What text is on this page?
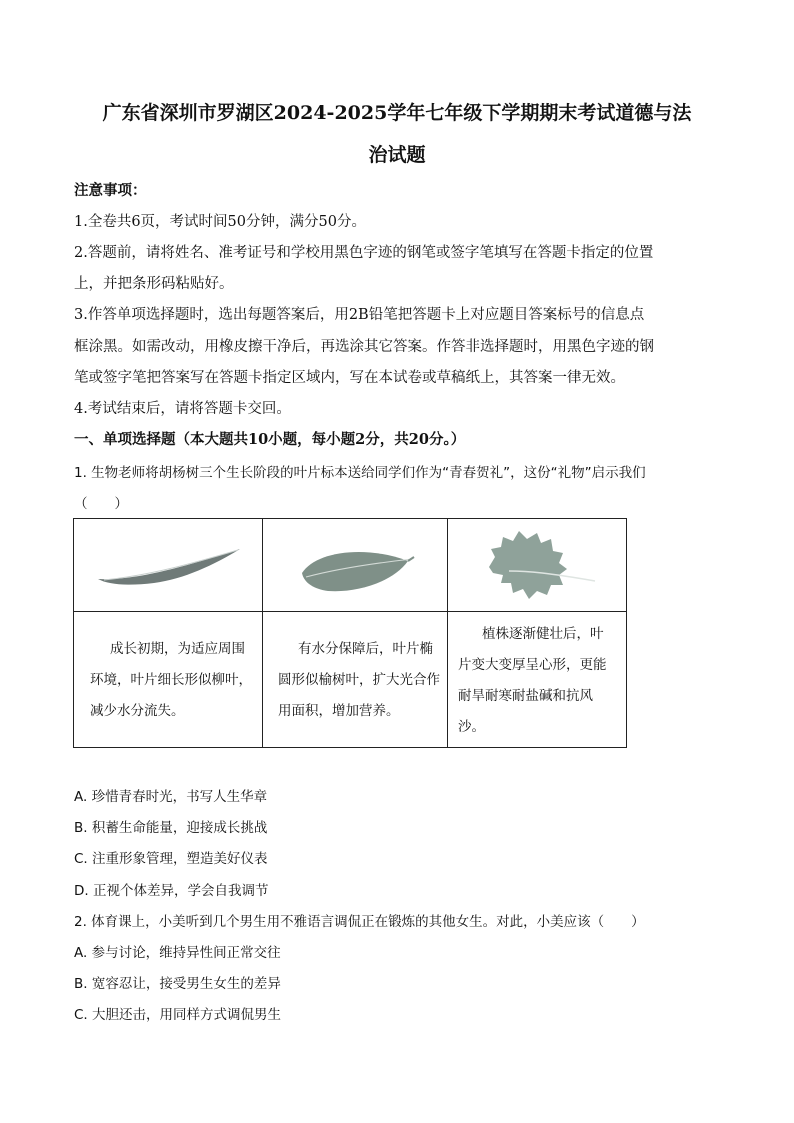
广东省深圳市罗湖区2024-2025学年七年级下学期期末考试道德与法
治试题
注意事项：
1.全卷共6页，考试时间50分钟，满分50分。
2.答题前，请将姓名、准考证号和学校用黑色字迹的钢笔或签字笔填写在答题卡指定的位置
上，并把条形码粘贴好。
3.作答单项选择题时，选出每题答案后，用2B铅笔把答题卡上对应题目答案标号的信息点
框涂黑。如需改动，用橡皮擦干净后，再选涂其它答案。作答非选择题时，用黑色字迹的钢
笔或签字笔把答案写在答题卡指定区域内，写在本试卷或草稿纸上，其答案一律无效。
4.考试结束后，请将答题卡交回。
一、单项选择题（本大题共10小题，每小题2分，共20分。）
1. 生物老师将胡杨树三个生长阶段的叶片标本送给同学们作为“青春贺礼”，这份“礼物”启示我们
（　　）
成长初期，为适应周围
环境，叶片细长形似柳叶，
减少水分流失。
有水分保障后，叶片椭
圆形似榆树叶，扩大光合作
用面积，增加营养。
植株逐渐健壮后，叶
片变大变厚呈心形，更能
耐旱耐寒耐盐碱和抗风
沙。
A. 珍惜青春时光，书写人生华章
B. 积蓄生命能量，迎接成长挑战
C. 注重形象管理，塑造美好仪表
D. 正视个体差异，学会自我调节
2. 体育课上，小美听到几个男生用不雅语言调侃正在锻炼的其他女生。对此，小美应该（　　）
A. 参与讨论，维持异性间正常交往
B. 宽容忍让，接受男生女生的差异
C. 大胆还击，用同样方式调侃男生
